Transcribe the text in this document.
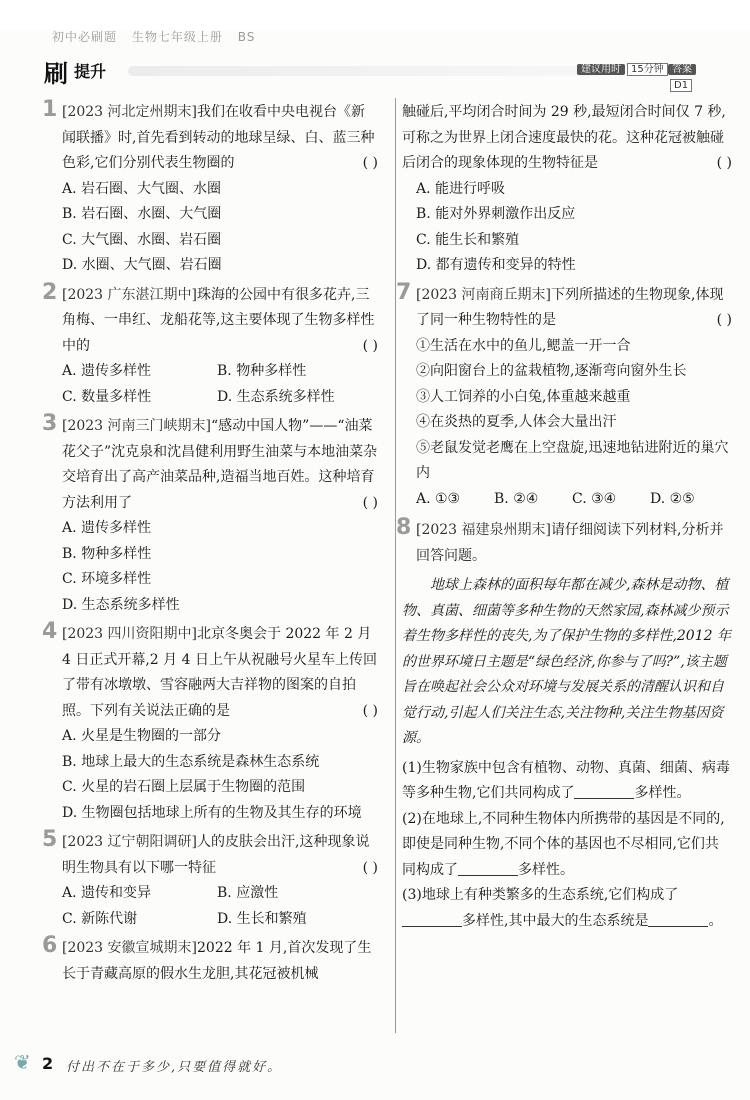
初中必刷题 生物七年级上册 BS
刷 提升	建议用时 15分钟 答案D1
1 [2023 河北定州期末]我们在收看中央电视台《新闻联播》时,首先看到转动的地球呈绿、白、蓝三种色彩,它们分别代表生物圈的	( )
A. 岩石圈、大气圈、水圈
B. 岩石圈、水圈、大气圈
C. 大气圈、水圈、岩石圈
D. 水圈、大气圈、岩石圈
2 [2023 广东湛江期中]珠海的公园中有很多花卉,三角梅、一串红、龙船花等,这主要体现了生物多样性中的	( )
A. 遗传多样性	B. 物种多样性
C. 数量多样性	D. 生态系统多样性
3 [2023 河南三门峡期末]“感动中国人物”——“油菜花父子”沈克泉和沈昌健利用野生油菜与本地油菜杂交培育出了高产油菜品种,造福当地百姓。这种培育方法利用了	( )
A. 遗传多样性
B. 物种多样性
C. 环境多样性
D. 生态系统多样性
4 [2023 四川资阳期中]北京冬奥会于 2022 年 2 月 4 日正式开幕,2 月 4 日上午从祝融号火星车上传回了带有冰墩墩、雪容融两大吉祥物的图案的自拍照。下列有关说法正确的是	( )
A. 火星是生物圈的一部分
B. 地球上最大的生态系统是森林生态系统
C. 火星的岩石圈上层属于生物圈的范围
D. 生物圈包括地球上所有的生物及其生存的环境
5 [2023 辽宁朝阳调研]人的皮肤会出汗,这种现象说明生物具有以下哪一特征	( )
A. 遗传和变异	B. 应激性
C. 新陈代谢	D. 生长和繁殖
6 [2023 安徽宣城期末]2022 年 1 月,首次发现了生长于青藏高原的假水生龙胆,其花冠被机械
触碰后,平均闭合时间为 29 秒,最短闭合时间仅 7 秒,可称之为世界上闭合速度最快的花。这种花冠被触碰后闭合的现象体现的生物特征是	( )
A. 能进行呼吸
B. 能对外界刺激作出反应
C. 能生长和繁殖
D. 都有遗传和变异的特性
7 [2023 河南商丘期末]下列所描述的生物现象,体现了同一种生物特性的是	( )
①生活在水中的鱼儿,鳃盖一开一合
②向阳窗台上的盆栽植物,逐渐弯向窗外生长
③人工饲养的小白兔,体重越来越重
④在炎热的夏季,人体会大量出汗
⑤老鼠发觉老鹰在上空盘旋,迅速地钻进附近的巢穴内
A. ①③	B. ②④	C. ③④	D. ②⑤
8 [2023 福建泉州期末]请仔细阅读下列材料,分析并回答问题。
地球上森林的面积每年都在减少,森林是动物、植物、真菌、细菌等多种生物的天然家园,森林减少预示着生物多样性的丧失,为了保护生物的多样性,2012 年的世界环境日主题是“绿色经济,你参与了吗?”,该主题旨在唤起社会公众对环境与发展关系的清醒认识和自觉行动,引起人们关注生态,关注物种,关注生物基因资源。
(1)生物家族中包含有植物、动物、真菌、细菌、病毒等多种生物,它们共同构成了	多样性。
(2)在地球上,不同种生物体内所携带的基因是不同的,即使是同种生物,不同个体的基因也不尽相同,它们共同构成了	多样性。
(3)地球上有种类繁多的生态系统,它们构成了多样性,其中最大的生态系统是	。
❦ 2 付出不在于多少,只要值得就好。
